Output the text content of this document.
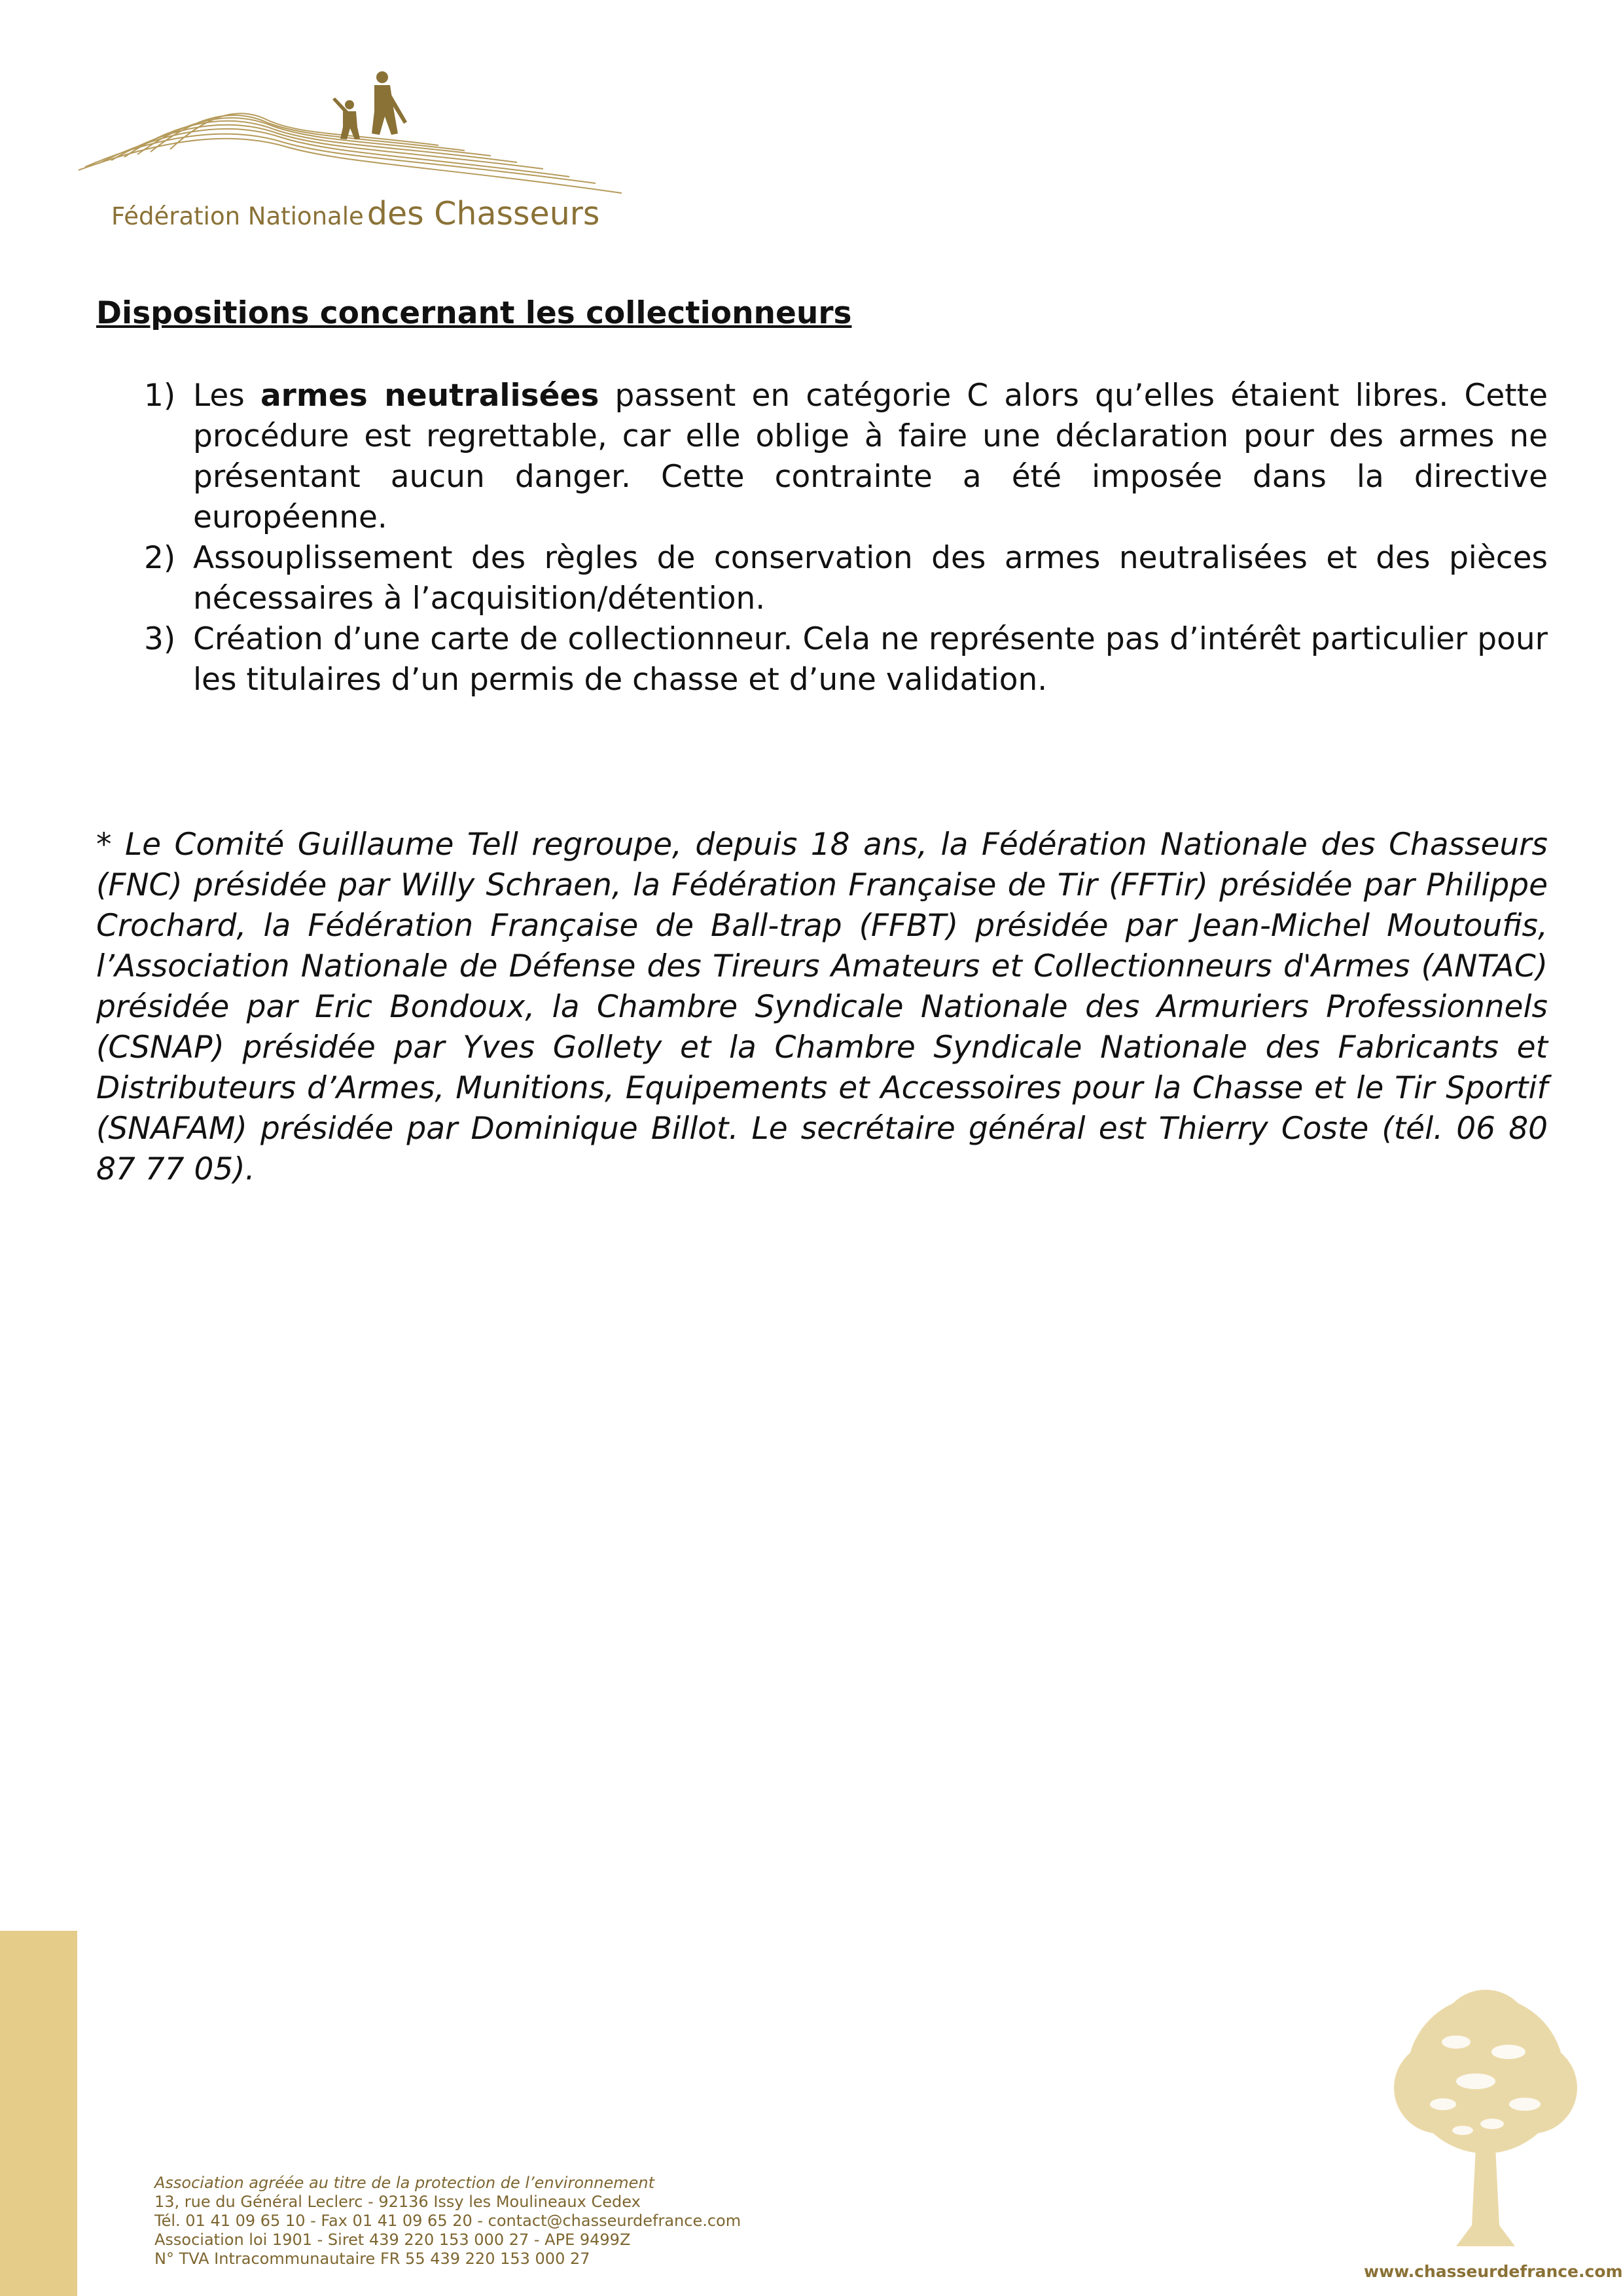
Fédération Nationale des Chasseurs
Dispositions concernant les collectionneurs
1) Les armes neutralisées passent en catégorie C alors qu’elles étaient libres. Cette procédure est regrettable, car elle oblige à faire une déclaration pour des armes ne présentant aucun danger. Cette contrainte a été imposée dans la directive européenne.
2) Assouplissement des règles de conservation des armes neutralisées et des pièces nécessaires à l’acquisition/détention.
3) Création d’une carte de collectionneur. Cela ne représente pas d’intérêt particulier pour les titulaires d’un permis de chasse et d’une validation.

* Le Comité Guillaume Tell regroupe, depuis 18 ans, la Fédération Nationale des Chasseurs (FNC) présidée par Willy Schraen, la Fédération Française de Tir (FFTir) présidée par Philippe Crochard, la Fédération Française de Ball-trap (FFBT) présidée par Jean-Michel Moutoufis, l’Association Nationale de Défense des Tireurs Amateurs et Collectionneurs d'Armes (ANTAC) présidée par Eric Bondoux, la Chambre Syndicale Nationale des Armuriers Professionnels (CSNAP) présidée par Yves Gollety et la Chambre Syndicale Nationale des Fabricants et Distributeurs d’Armes, Munitions, Equipements et Accessoires pour la Chasse et le Tir Sportif (SNAFAM) présidée par Dominique Billot. Le secrétaire général est Thierry Coste (tél. 06 80 87 77 05).

Association agréée au titre de la protection de l’environnement
13, rue du Général Leclerc - 92136 Issy les Moulineaux Cedex
Tél. 01 41 09 65 10 - Fax 01 41 09 65 20 - contact@chasseurdefrance.com
Association loi 1901 - Siret 439 220 153 000 27 - APE 9499Z
N° TVA Intracommunautaire FR 55 439 220 153 000 27
www.chasseurdefrance.com
